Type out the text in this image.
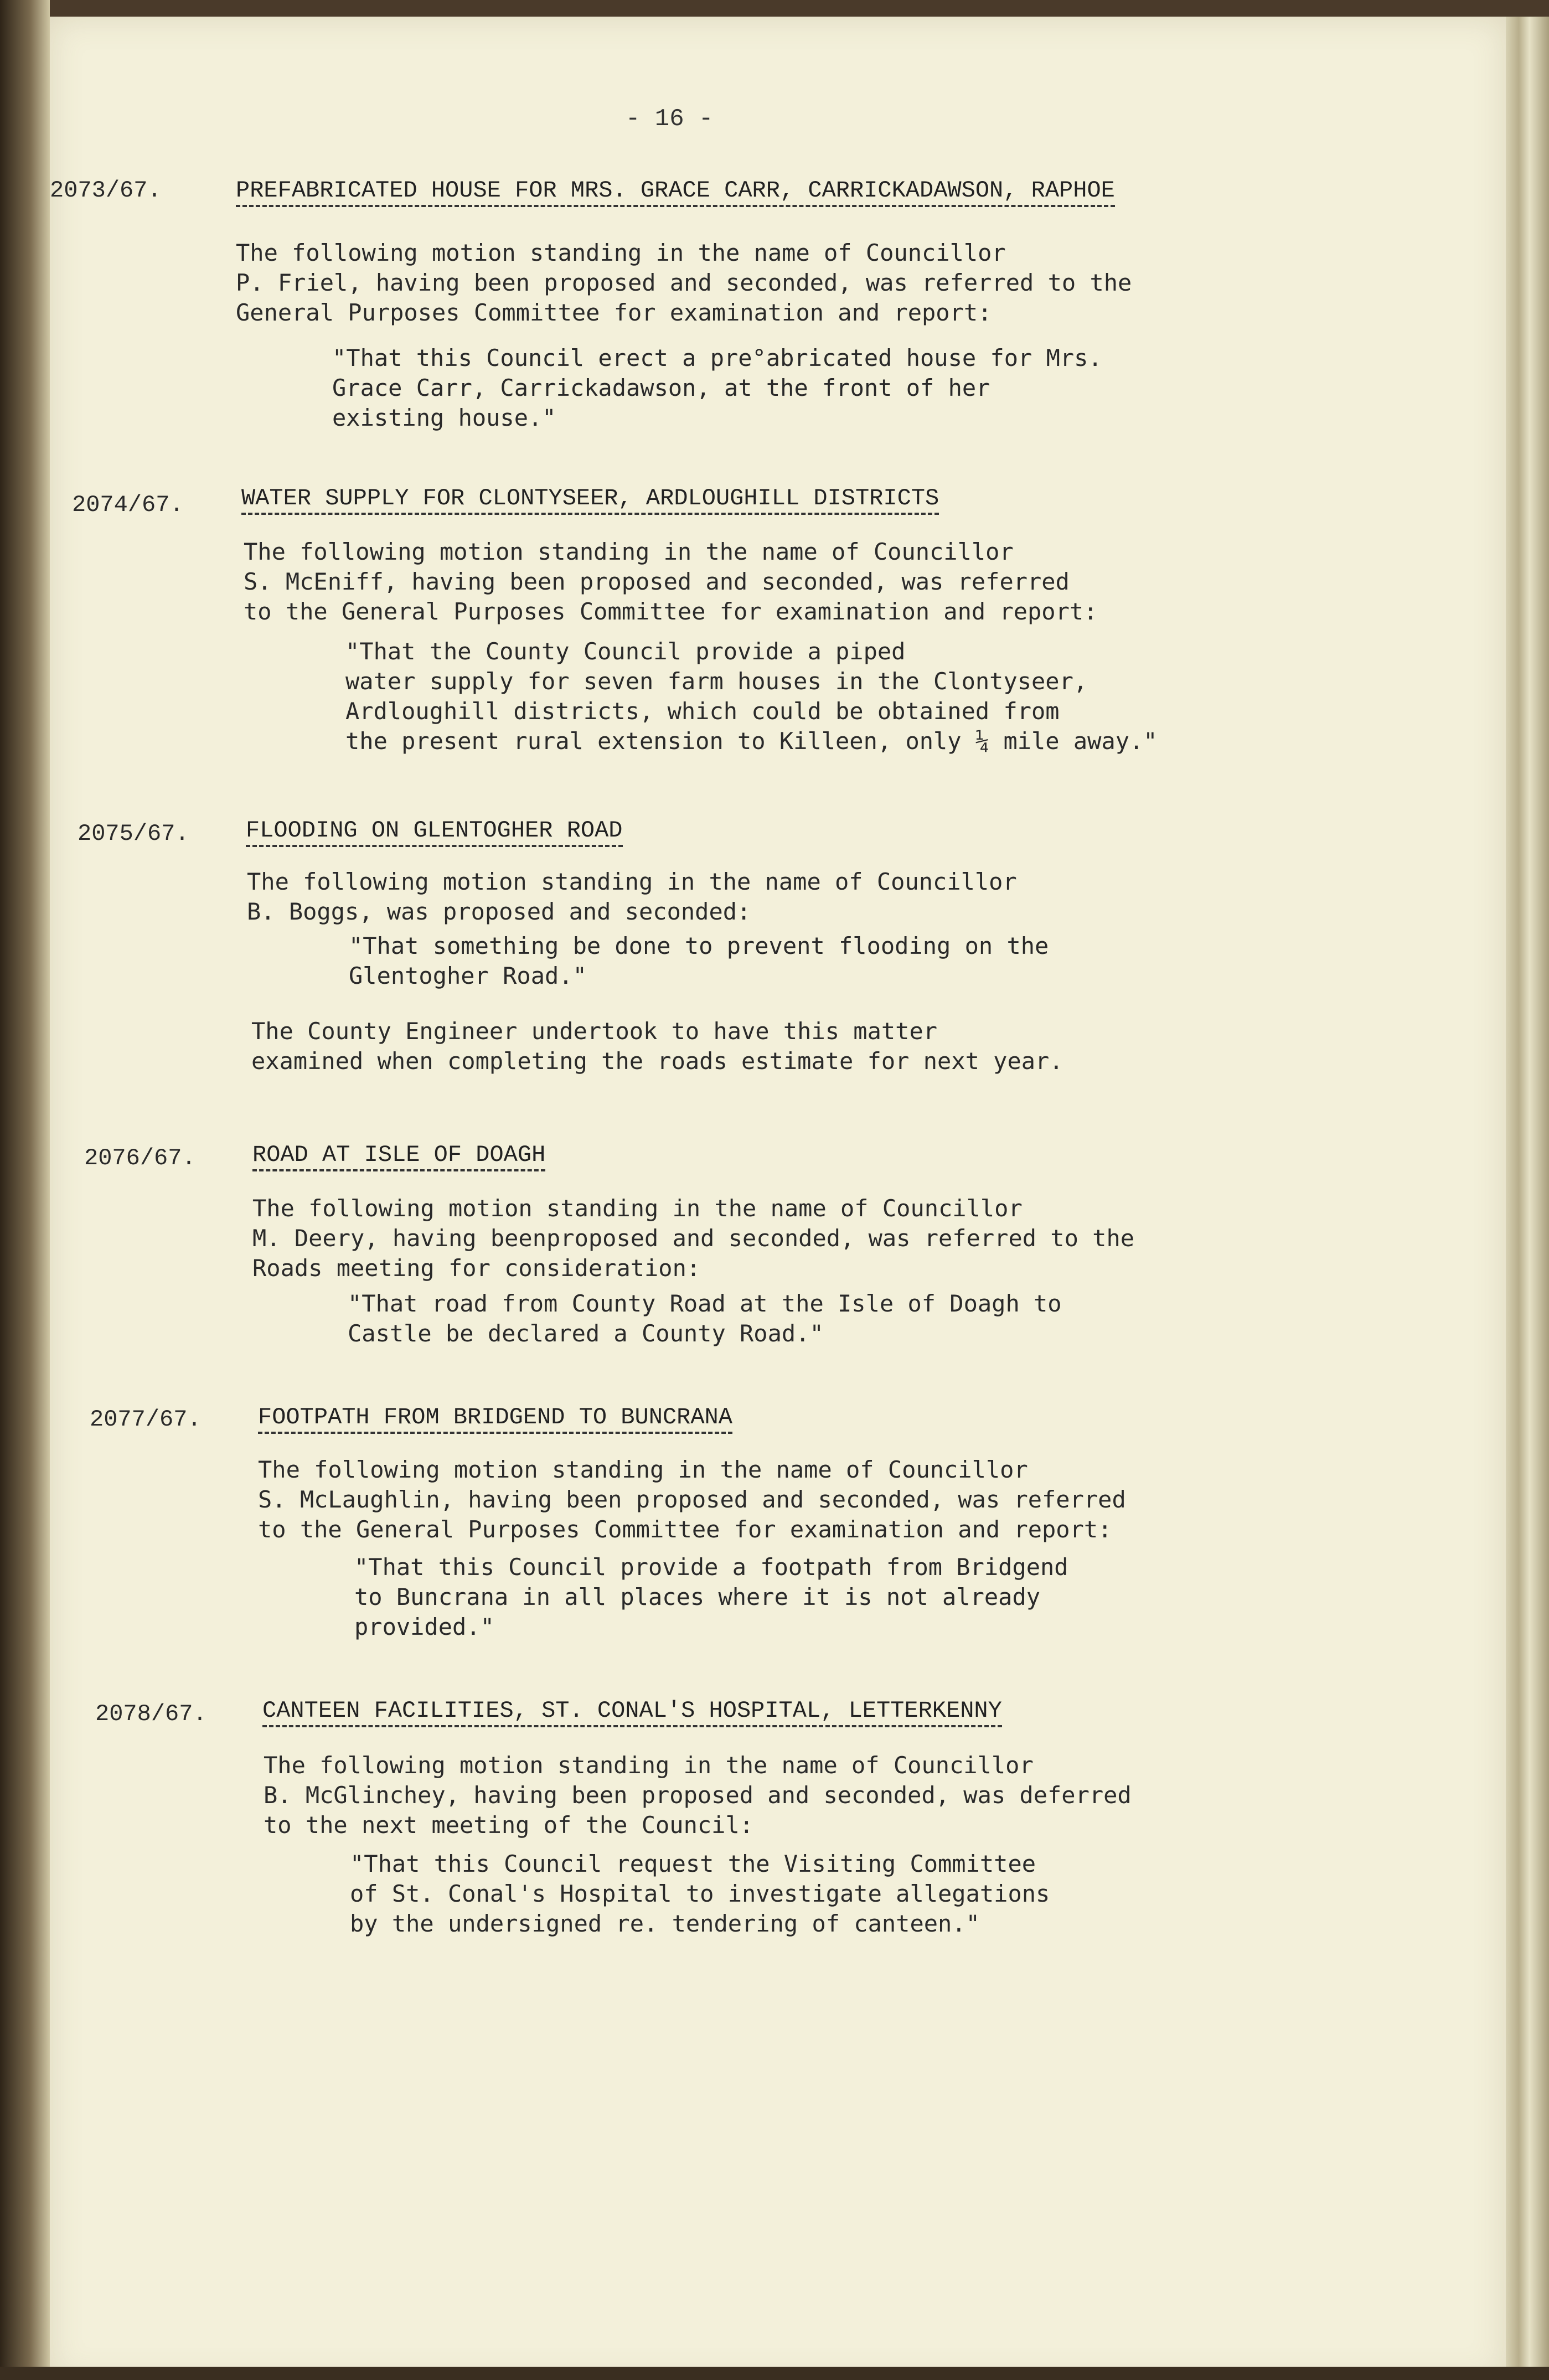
- 16 -
2073/67.	PREFABRICATED HOUSE FOR MRS. GRACE CARR, CARRICKADAWSON, RAPHOE
The following motion standing in the name of Councillor
P. Friel, having been proposed and seconded, was referred to the
General Purposes Committee for examination and report:
"That this Council erect a pre°abricated house for Mrs.
Grace Carr, Carrickadawson, at the front of her
existing house."
2074/67. WATER SUPPLY FOR CLONTYSEER, ARDLOUGHILL DISTRICTS
The following motion standing in the name of Councillor
S. McEniff, having been proposed and seconded, was referred
to the General Purposes Committee for examination and report:
"That the County Council provide a piped
water supply for seven farm houses in the Clontyseer,
Ardloughill districts, which could be obtained from
the present rural extension to Killeen, only ¼ mile away."
2075/67. FLOODING ON GLENTOGHER ROAD
The following motion standing in the name of Councillor
B. Boggs, was proposed and seconded:
"That something be done to prevent flooding on the
Glentogher Road."
The County Engineer undertook to have this matter
examined when completing the roads estimate for next year.
2076/67. ROAD AT ISLE OF DOAGH
The following motion standing in the name of Councillor
M. Deery, having beenproposed and seconded, was referred to the
Roads meeting for consideration:
"That road from County Road at the Isle of Doagh to
Castle be declared a County Road."
2077/67. FOOTPATH FROM BRIDGEND TO BUNCRANA
The following motion standing in the name of Councillor
S. McLaughlin, having been proposed and seconded, was referred
to the General Purposes Committee for examination and report:
"That this Council provide a footpath from Bridgend
to Buncrana in all places where it is not already
provided."
2078/67. CANTEEN FACILITIES, ST. CONAL'S HOSPITAL, LETTERKENNY
The following motion standing in the name of Councillor
B. McGlinchey, having been proposed and seconded, was deferred
to the next meeting of the Council:
"That this Council request the Visiting Committee
of St. Conal's Hospital to investigate allegations
by the undersigned re. tendering of canteen."
